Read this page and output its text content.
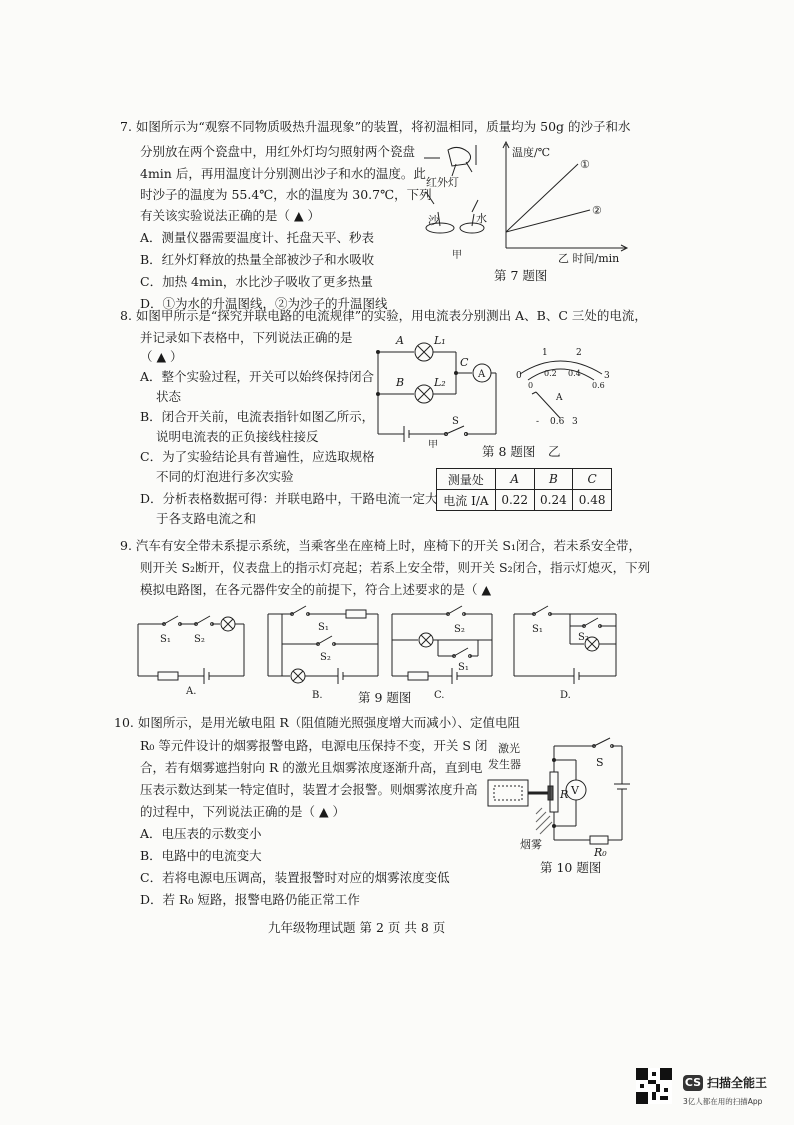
7. 如图所示为“观察不同物质吸热升温现象”的装置，将初温相同，质量均为 50g 的沙子和水
分别放在两个瓷盘中，用红外灯均匀照射两个瓷盘
4min 后，再用温度计分别测出沙子和水的温度。此
时沙子的温度为 55.4℃，水的温度为 30.7℃，下列
有关该实验说法正确的是（ ▲ ）
A．测量仪器需要温度计、托盘天平、秒表
B．红外灯释放的热量全部被沙子和水吸收
C．加热 4min，水比沙子吸收了更多热量
D．①为水的升温图线，②为沙子的升温图线
红外灯
沙	水
甲
温度/℃
①
②
乙 时间/min
第 7 题图
8. 如图甲所示是“探究并联电路的电流规律”的实验，用电流表分别测出 A、B、C 三处的电流，
并记录如下表格中，下列说法正确的是
（ ▲ ）
A．整个实验过程，开关可以始终保持闭合
状态
B．闭合开关前，电流表指针如图乙所示，
说明电流表的正负接线柱接反
C．为了实验结论具有普遍性，应选取规格
不同的灯泡进行多次实验
D．分析表格数据可得：并联电路中，干路电流一定大
于各支路电流之和
A
B
C
L₁
L₂
A
S
甲
0
1	2
3
0
0.2 0.4
0.6
A
- 0.6 3
第 8 题图 乙
测量处	A	B	C
电流 I/A	0.22	0.24	0.48
9. 汽车有安全带未系提示系统，当乘客坐在座椅上时，座椅下的开关 S₁闭合，若未系安全带，
则开关 S₂断开，仪表盘上的指示灯亮起；若系上安全带，则开关 S₂闭合，指示灯熄灭，下列
模拟电路图，在各元器件安全的前提下，符合上述要求的是（ ▲
S₁ S₂
A.
S₁
S₂
B.
S₂
S₁
C.
S₁
S₂
D.
第 9 题图
10. 如图所示，是用光敏电阻 R（阻值随光照强度增大而减小）、定值电阻
R₀ 等元件设计的烟雾报警电路，电源电压保持不变，开关 S 闭
合，若有烟雾遮挡射向 R 的激光且烟雾浓度逐渐升高，直到电
压表示数达到某一特定值时，装置才会报警。则烟雾浓度升高
的过程中，下列说法正确的是（ ▲ ）
A．电压表的示数变小
B．电路中的电流变大
C．若将电源电压调高，装置报警时对应的烟雾浓度变低
D．若 R₀ 短路，报警电路仍能正常工作
激光
发生器
R V
S
烟雾
R₀
第 10 题图
九年级物理试题 第 2 页 共 8 页
CS 扫描全能王
3亿人都在用的扫描App
